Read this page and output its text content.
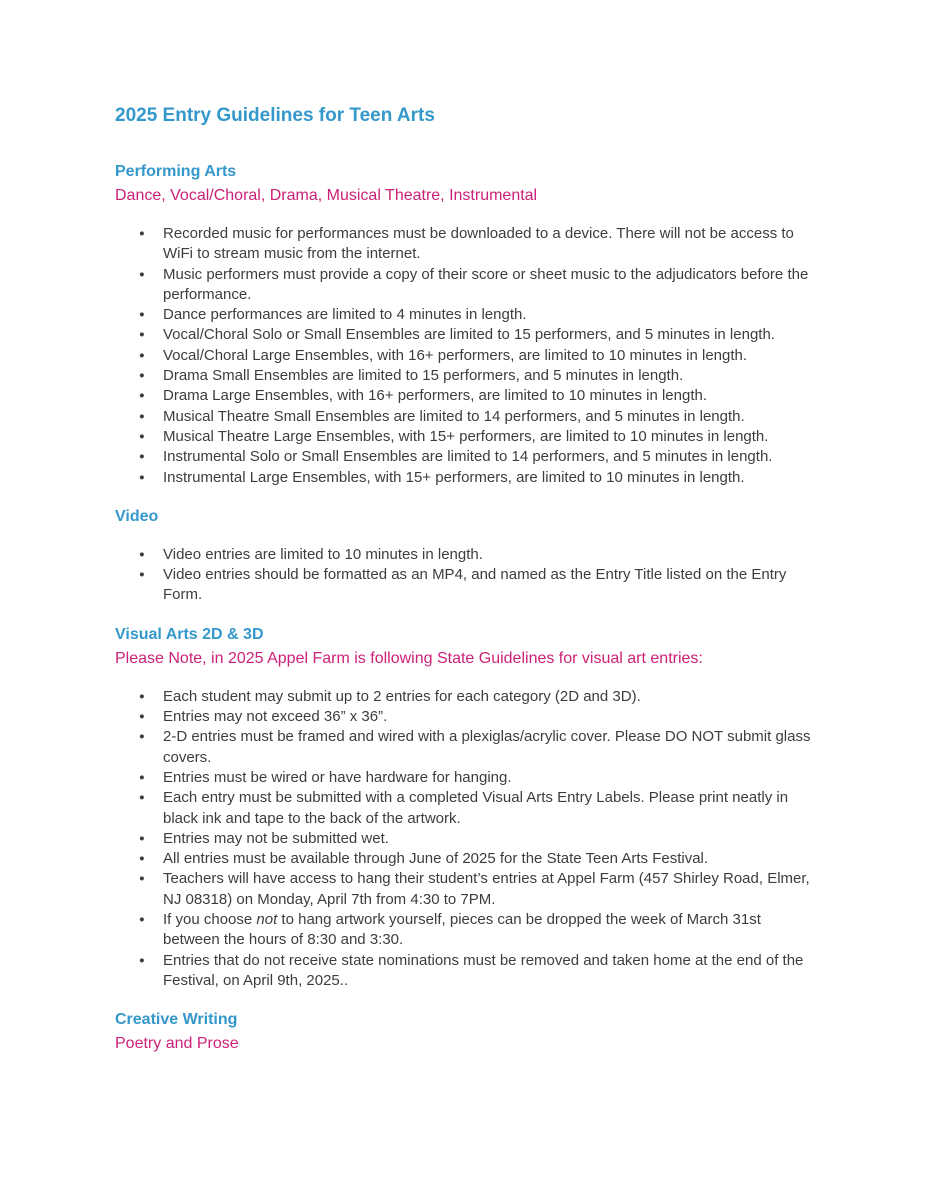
2025 Entry Guidelines for Teen Arts
Performing Arts

Dance, Vocal/Choral, Drama, Musical Theatre, Instrumental

● Recorded music for performances must be downloaded to a device. There will not be access to WiFi to stream music from the internet.
● Music performers must provide a copy of their score or sheet music to the adjudicators before the performance.
● Dance performances are limited to 4 minutes in length.
● Vocal/Choral Solo or Small Ensembles are limited to 15 performers, and 5 minutes in length.
● Vocal/Choral Large Ensembles, with 16+ performers, are limited to 10 minutes in length.
● Drama Small Ensembles are limited to 15 performers, and 5 minutes in length.
● Drama Large Ensembles, with 16+ performers, are limited to 10 minutes in length.
● Musical Theatre Small Ensembles are limited to 14 performers, and 5 minutes in length.
● Musical Theatre Large Ensembles, with 15+ performers, are limited to 10 minutes in length.
● Instrumental Solo or Small Ensembles are limited to 14 performers, and 5 minutes in length.
● Instrumental Large Ensembles, with 15+ performers, are limited to 10 minutes in length.
Video
● Video entries are limited to 10 minutes in length.
● Video entries should be formatted as an MP4, and named as the Entry Title listed on the Entry Form.
Visual Arts 2D & 3D

Please Note, in 2025 Appel Farm is following State Guidelines for visual art entries:

● Each student may submit up to 2 entries for each category (2D and 3D).
● Entries may not exceed 36” x 36”.
● 2-D entries must be framed and wired with a plexiglas/acrylic cover. Please DO NOT submit glass covers.
● Entries must be wired or have hardware for hanging.
● Each entry must be submitted with a completed Visual Arts Entry Labels. Please print neatly in black ink and tape to the back of the artwork.
● Entries may not be submitted wet.
● All entries must be available through June of 2025 for the State Teen Arts Festival.
● Teachers will have access to hang their student’s entries at Appel Farm (457 Shirley Road, Elmer, NJ 08318) on Monday, April 7th from 4:30 to 7PM.
● If you choose not to hang artwork yourself, pieces can be dropped the week of March 31st between the hours of 8:30 and 3:30.
● Entries that do not receive state nominations must be removed and taken home at the end of the Festival, on April 9th, 2025..
Creative Writing

Poetry and Prose
